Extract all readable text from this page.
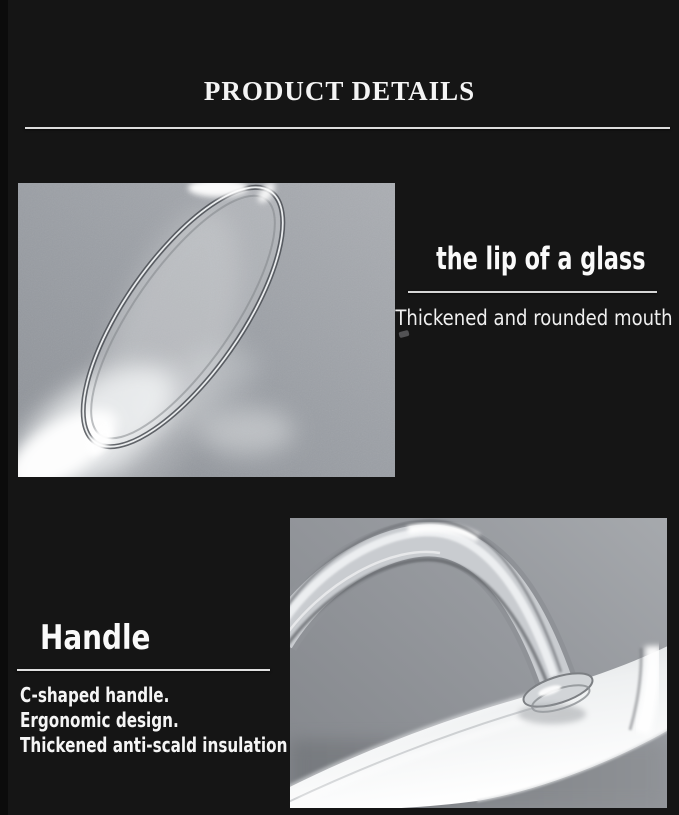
PRODUCT DETAILS
the lip of a glass
Thickened and rounded mouth
Handle
C-shaped handle.
Ergonomic design.
Thickened anti-scald insulation
